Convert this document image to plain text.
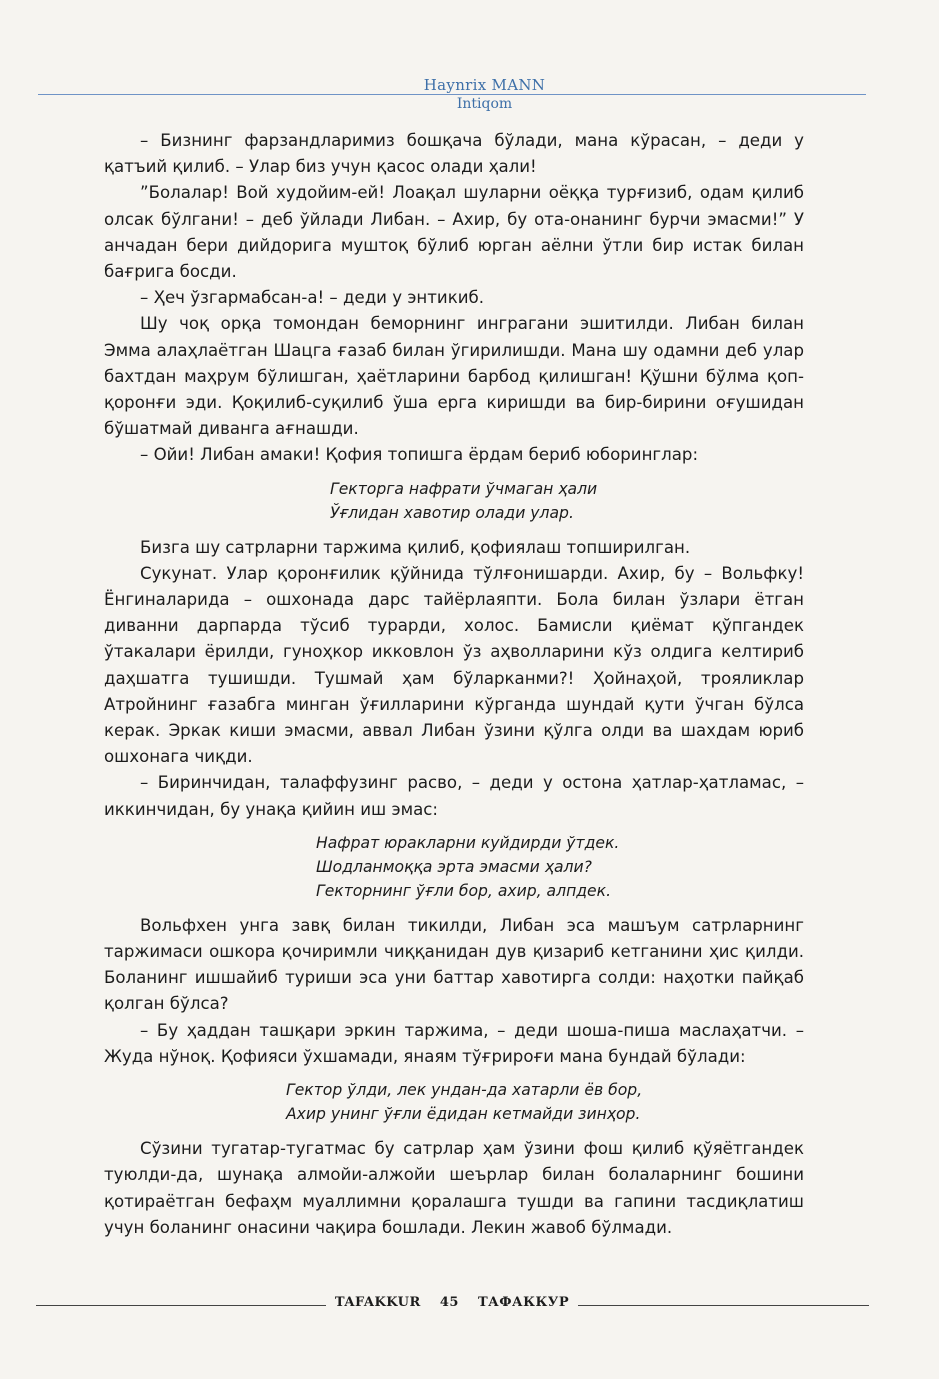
Haynrix MANN
Intiqom

– Бизнинг фарзандларимиз бошқача бўлади, мана кўрасан, – деди у қатъий қилиб. – Улар биз учун қасос олади ҳали!

”Болалар! Вой худойим-ей! Лоақал шуларни оёққа турғизиб, одам қилиб олсак бўлгани! – деб ўйлади Либан. – Ахир, бу ота-онанинг бурчи эмасми!” У анчадан бери дийдорига муштоқ бўлиб юрган аёлни ўтли бир истак билан бағрига босди.

– Ҳеч ўзгармабсан-а! – деди у энтикиб.

Шу чоқ орқа томондан беморнинг инграгани эшитилди. Либан билан Эмма алаҳлаётган Шацга ғазаб билан ўгирилишди. Мана шу одамни деб улар бахтдан маҳрум бўлишган, ҳаётларини барбод қилишган! Қўшни бўлма қоп-қоронғи эди. Қоқилиб-суқилиб ўша ерга киришди ва бир-бирини оғушидан бўшатмай диванга ағнашди.

– Ойи! Либан амаки! Қофия топишга ёрдам бериб юборинглар:

Гекторга нафрати ўчмаган ҳали
Ўғлидан хавотир олади улар.

Бизга шу сатрларни таржима қилиб, қофиялаш топширилган.

Сукунат. Улар қоронғилик қўйнида тўлғонишарди. Ахир, бу – Вольфку! Ёнгиналарида – ошхонада дарс тайёрлаяпти. Бола билан ўзлари ётган диванни дарпарда тўсиб турарди, холос. Бамисли қиёмат қўпгандек ўтакалари ёрилди, гуноҳкор икковлон ўз аҳволларини кўз олдига келтириб даҳшатга тушишди. Тушмай ҳам бўларканми?! Ҳойнаҳой, трояликлар Атройнинг ғазабга минган ўғилларини кўрганда шундай қути ўчган бўлса керак. Эркак киши эмасми, аввал Либан ўзини қўлга олди ва шахдам юриб ошхонага чиқди.

– Биринчидан, талаффузинг расво, – деди у остона ҳатлар-ҳатламас, – иккинчидан, бу унақа қийин иш эмас:

Нафрат юракларни куйдирди ўтдек.
Шодланмоққа эрта эмасми ҳали?
Гекторнинг ўғли бор, ахир, алпдек.

Вольфхен унга завқ билан тикилди, Либан эса машъум сатрларнинг таржимаси ошкора қочиримли чиққанидан дув қизариб кетганини ҳис қилди. Боланинг ишшайиб туриши эса уни баттар хавотирга солди: наҳотки пайқаб қолган бўлса?

– Бу ҳаддан ташқари эркин таржима, – деди шоша-пиша маслаҳатчи. – Жуда нўноқ. Қофияси ўхшамади, янаям тўғрироғи мана бундай бўлади:

Гектор ўлди, лек ундан-да хатарли ёв бор,
Ахир унинг ўғли ёдидан кетмайди зинҳор.

Сўзини тугатар-тугатмас бу сатрлар ҳам ўзини фош қилиб қўяётгандек туюлди-да, шунақа алмойи-алжойи шеърлар билан болаларнинг бошини қотираётган бефаҳм муаллимни қоралашга тушди ва гапини тасдиқлатиш учун боланинг онасини чақира бошлади. Лекин жавоб бўлмади.

TAFAKKUR 45 ТАФАККУР
